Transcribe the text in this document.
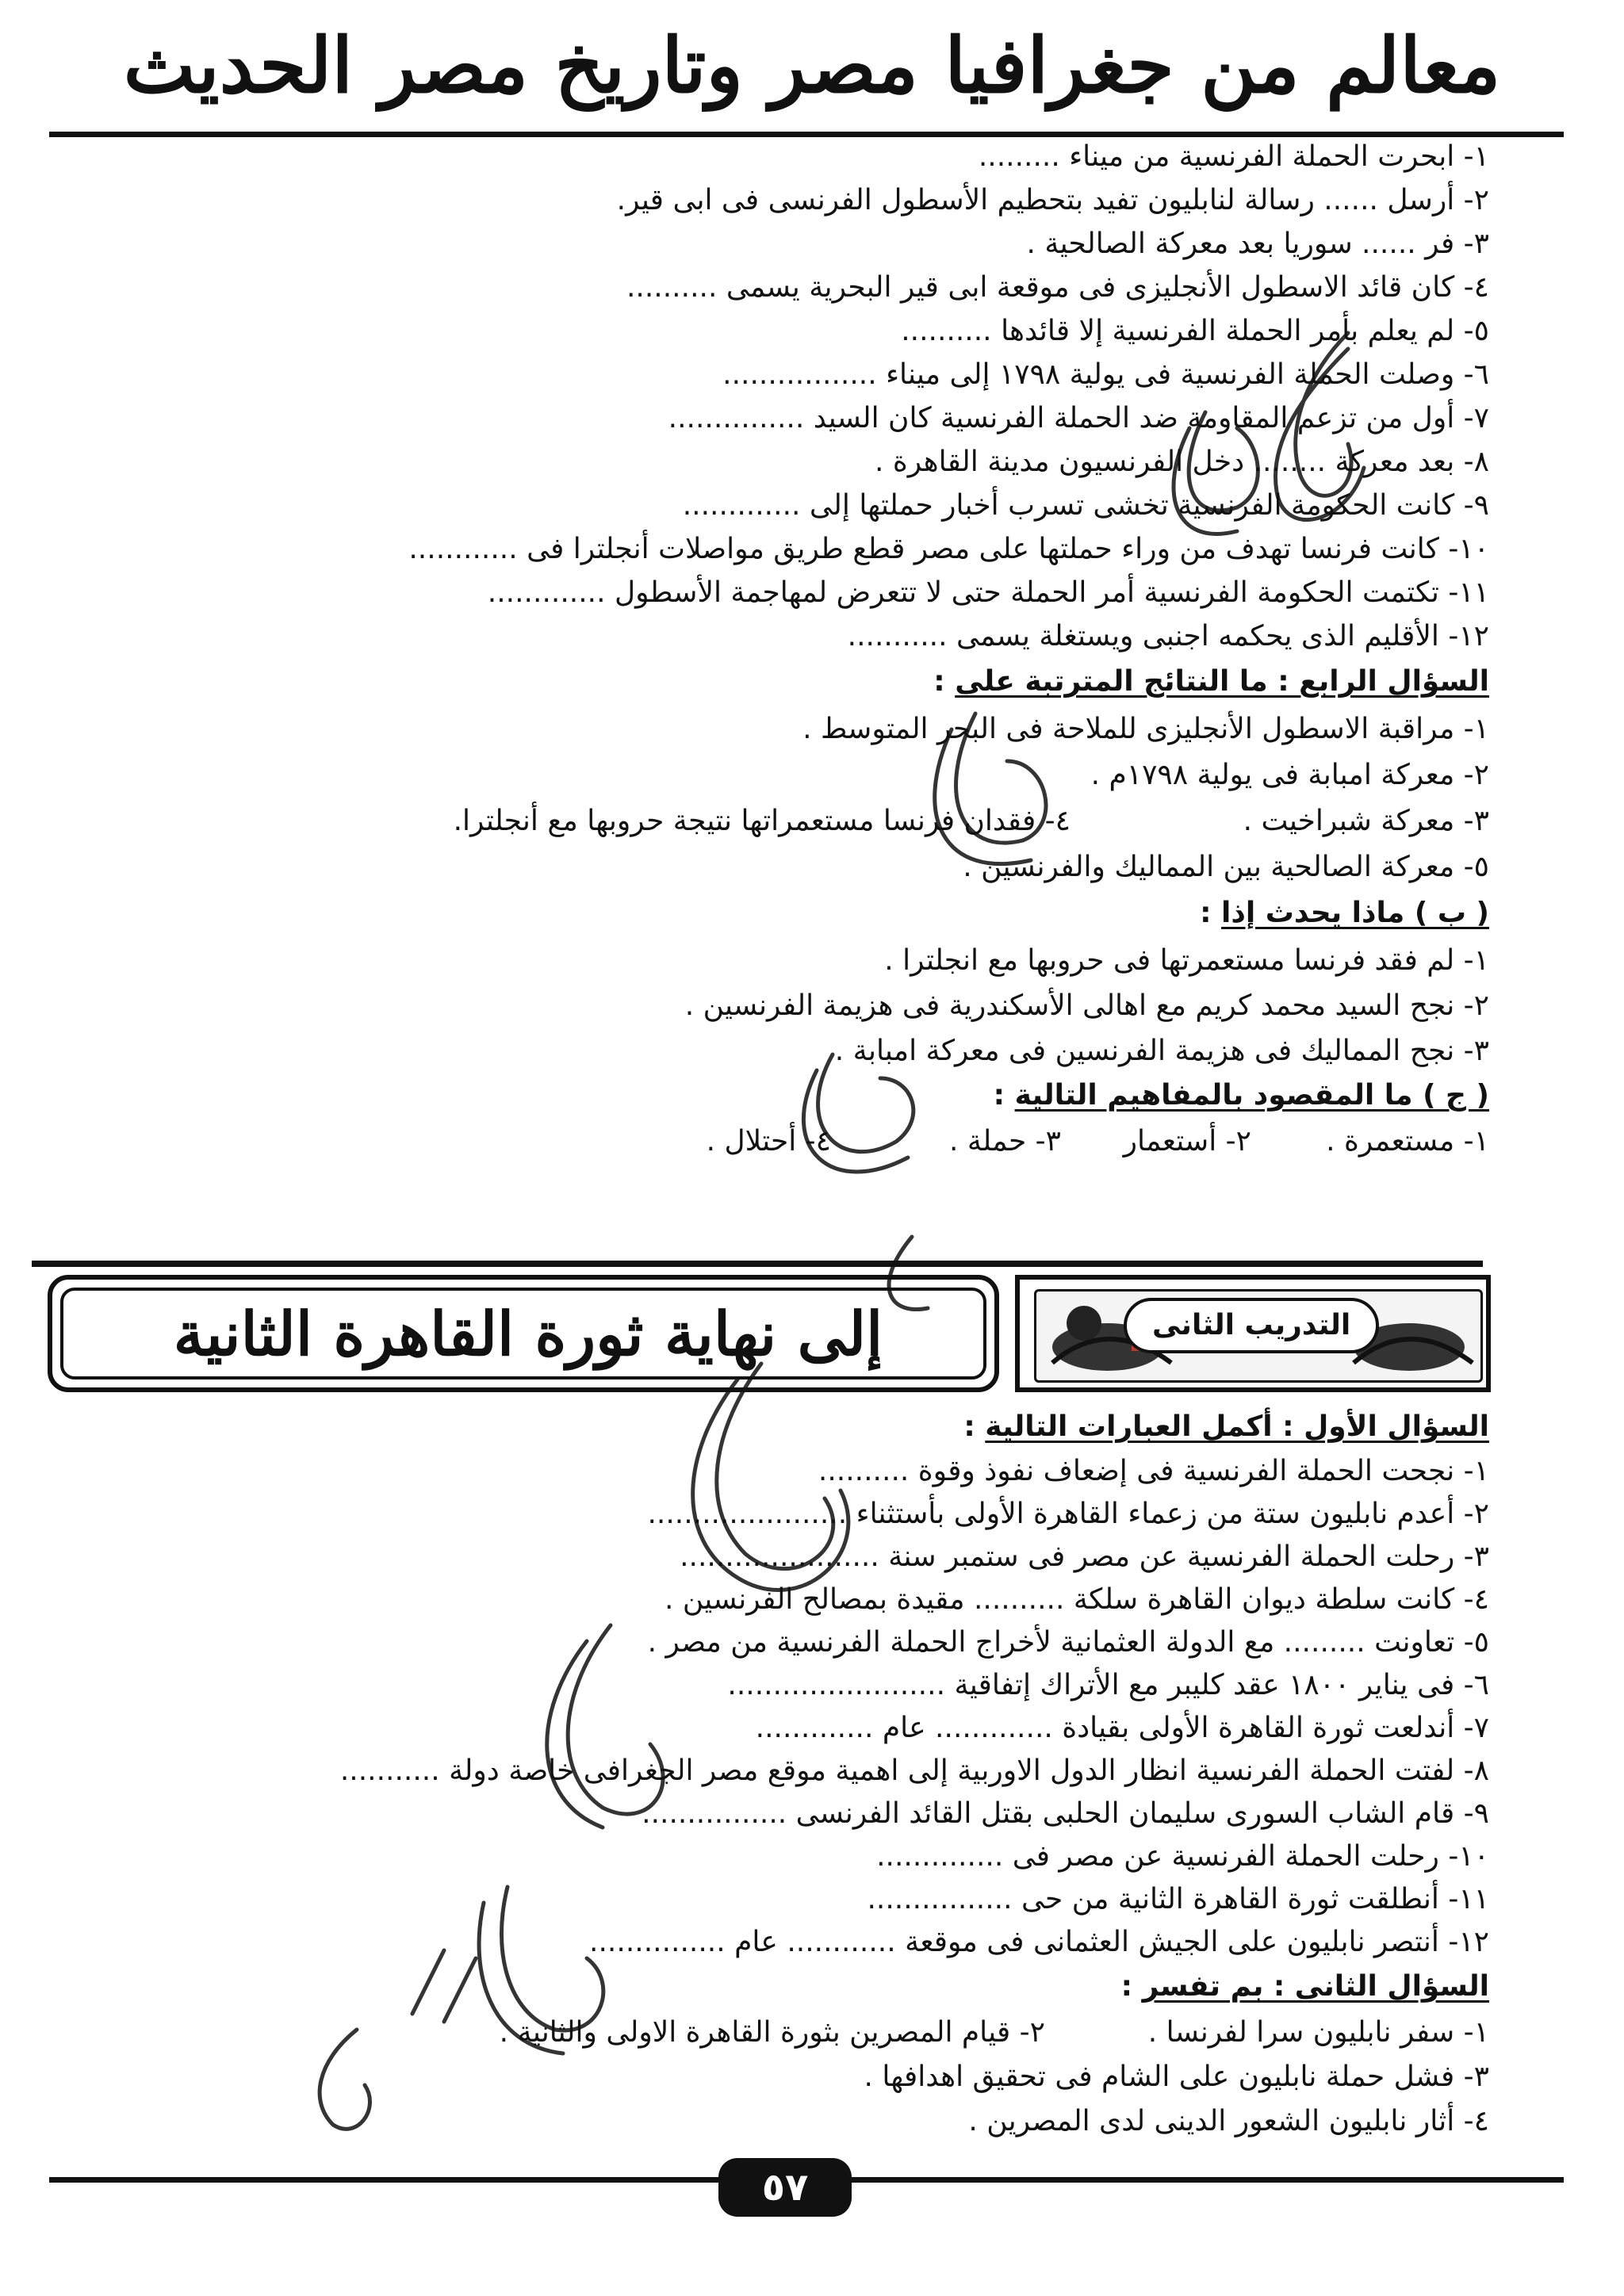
معالم من جغرافيا مصر وتاريخ مصر الحديث
١- ابحرت الحملة الفرنسية من ميناء .........
٢- أرسل ...... رسالة لنابليون تفيد بتحطيم الأسطول الفرنسى فى ابى قير.
٣- فر ...... سوريا بعد معركة الصالحية .
٤- كان قائد الاسطول الأنجليزى فى موقعة ابى قير البحرية يسمى ..........
٥- لم يعلم بأمر الحملة الفرنسية إلا قائدها ..........
٦- وصلت الحملة الفرنسية فى يولية ١٧٩٨ إلى ميناء .................
٧- أول من تزعم المقاومة ضد الحملة الفرنسية كان السيد ...............
٨- بعد معركة ........ دخل الفرنسيون مدينة القاهرة .
٩- كانت الحكومة الفرنسية تخشى تسرب أخبار حملتها إلى .............
١٠- كانت فرنسا تهدف من وراء حملتها على مصر قطع طريق مواصلات أنجلترا فى ............
١١- تكتمت الحكومة الفرنسية أمر الحملة حتى لا تتعرض لمهاجمة الأسطول .............
١٢- الأقليم الذى يحكمه اجنبى ويستغلة يسمى ...........
السؤال الرابع : ما النتائج المترتبة على :
١- مراقبة الاسطول الأنجليزى للملاحة فى البحر المتوسط .
٢- معركة امبابة فى يولية ١٧٩٨م .
٣- معركة شبراخيت .
٤- فقدان فرنسا مستعمراتها نتيجة حروبها مع أنجلترا.
٥- معركة الصالحية بين المماليك والفرنسين .
( ب ) ماذا يحدث إذا :
١- لم فقد فرنسا مستعمرتها فى حروبها مع انجلترا .
٢- نجح السيد محمد كريم مع اهالى الأسكندرية فى هزيمة الفرنسين .
٣- نجح المماليك فى هزيمة الفرنسين فى معركة امبابة .
( ج ) ما المقصود بالمفاهيم التالية :
١- مستعمرة .
٢- أستعمار
٣- حملة .
٤- أحتلال .
إلى نهاية ثورة القاهرة الثانية	التدريب الثانى
السؤال الأول : أكمل العبارات التالية :
١- نجحت الحملة الفرنسية فى إضعاف نفوذ وقوة ..........
٢- أعدم نابليون ستة من زعماء القاهرة الأولى بأستثناء ......................
٣- رحلت الحملة الفرنسية عن مصر فى ستمبر سنة ......................
٤- كانت سلطة ديوان القاهرة سلكة .......... مقيدة بمصالح الفرنسين .
٥- تعاونت ......... مع الدولة العثمانية لأخراج الحملة الفرنسية من مصر .
٦- فى يناير ١٨٠٠ عقد كليبر مع الأتراك إتفاقية ........................
٧- أندلعت ثورة القاهرة الأولى بقيادة ............. عام .............
٨- لفتت الحملة الفرنسية انظار الدول الاوربية إلى اهمية موقع مصر الجغرافى خاصة دولة ...........
٩- قام الشاب السورى سليمان الحلبى بقتل القائد الفرنسى ................
١٠- رحلت الحملة الفرنسية عن مصر فى ..............
١١- أنطلقت ثورة القاهرة الثانية من حى ................
١٢- أنتصر نابليون على الجيش العثمانى فى موقعة ............ عام ...............
السؤال الثانى : بم تفسر :
١- سفر نابليون سرا لفرنسا .
٢- قيام المصرين بثورة القاهرة الاولى والثانية .
٣- فشل حملة نابليون على الشام فى تحقيق اهدافها .
٤- أثار نابليون الشعور الدينى لدى المصرين .
٥٧
